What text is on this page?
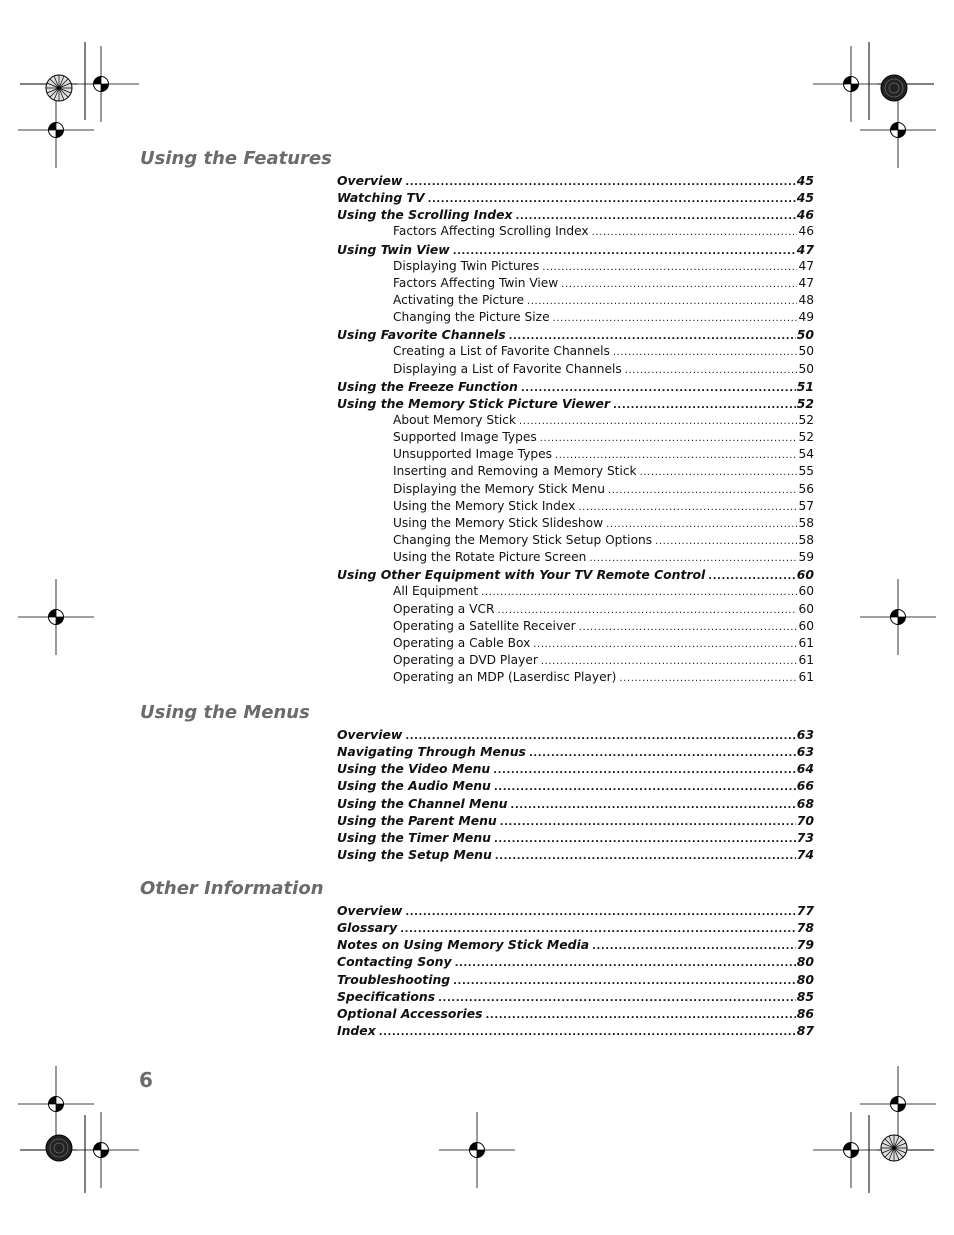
Using the Features
Overview .....	45
Watching TV .....	45
Using the Scrolling Index .....	46
Factors Affecting Scrolling Index .....	46
Using Twin View .....	47
Displaying Twin Pictures .....	47
Factors Affecting Twin View .....	47
Activating the Picture .....	48
Changing the Picture Size .....	49
Using Favorite Channels .....	50
Creating a List of Favorite Channels .....	50
Displaying a List of Favorite Channels .....	50
Using the Freeze Function .....	51
Using the Memory Stick Picture Viewer .....	52
About Memory Stick .....	52
Supported Image Types .....	52
Unsupported Image Types .....	54
Inserting and Removing a Memory Stick .....	55
Displaying the Memory Stick Menu .....	56
Using the Memory Stick Index .....	57
Using the Memory Stick Slideshow .....	58
Changing the Memory Stick Setup Options .....	58
Using the Rotate Picture Screen .....	59
Using Other Equipment with Your TV Remote Control .....	60
All Equipment .....	60
Operating a VCR .....	60
Operating a Satellite Receiver .....	60
Operating a Cable Box .....	61
Operating a DVD Player .....	61
Operating an MDP (Laserdisc Player) .....	61
Using the Menus
Overview .....	63
Navigating Through Menus .....	63
Using the Video Menu .....	64
Using the Audio Menu .....	66
Using the Channel Menu .....	68
Using the Parent Menu .....	70
Using the Timer Menu .....	73
Using the Setup Menu .....	74
Other Information
Overview .....	77
Glossary .....	78
Notes on Using Memory Stick Media .....	79
Contacting Sony .....	80
Troubleshooting .....	80
Specifications .....	85
Optional Accessories .....	86
Index .....	87

6
